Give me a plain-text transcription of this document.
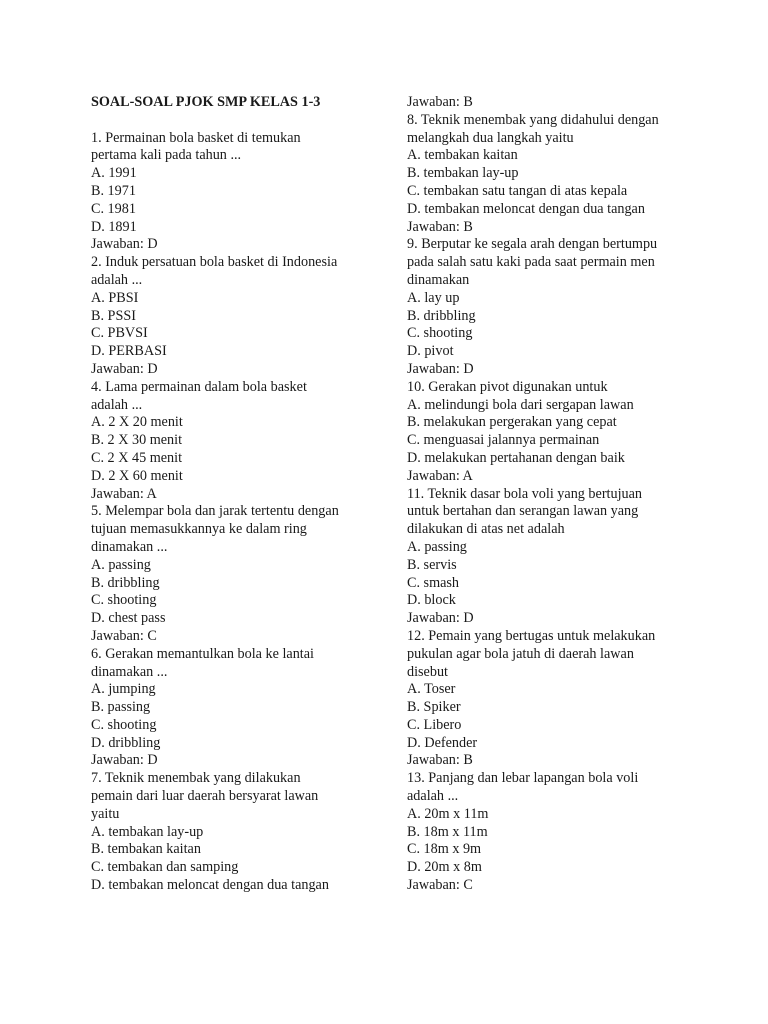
SOAL-SOAL PJOK SMP KELAS 1-3
1. Permainan bola basket di temukan
pertama kali pada tahun ...
A. 1991
B. 1971
C. 1981
D. 1891
Jawaban: D
2. Induk persatuan bola basket di Indonesia
adalah ...
A. PBSI
B. PSSI
C. PBVSI
D. PERBASI
Jawaban: D
4. Lama permainan dalam bola basket
adalah ...
A. 2 X 20 menit
B. 2 X 30 menit
C. 2 X 45 menit
D. 2 X 60 menit
Jawaban: A
5. Melempar bola dan jarak tertentu dengan
tujuan memasukkannya ke dalam ring
dinamakan ...
A. passing
B. dribbling
C. shooting
D. chest pass
Jawaban: C
6. Gerakan memantulkan bola ke lantai
dinamakan ...
A. jumping
B. passing
C. shooting
D. dribbling
Jawaban: D
7. Teknik menembak yang dilakukan
pemain dari luar daerah bersyarat lawan
yaitu
A. tembakan lay-up
B. tembakan kaitan
C. tembakan dan samping
D. tembakan meloncat dengan dua tangan
Jawaban: B
8. Teknik menembak yang didahului dengan
melangkah dua langkah yaitu
A. tembakan kaitan
B. tembakan lay-up
C. tembakan satu tangan di atas kepala
D. tembakan meloncat dengan dua tangan
Jawaban: B
9. Berputar ke segala arah dengan bertumpu
pada salah satu kaki pada saat permain men
dinamakan
A. lay up
B. dribbling
C. shooting
D. pivot
Jawaban: D
10. Gerakan pivot digunakan untuk
A. melindungi bola dari sergapan lawan
B. melakukan pergerakan yang cepat
C. menguasai jalannya permainan
D. melakukan pertahanan dengan baik
Jawaban: A
11. Teknik dasar bola voli yang bertujuan
untuk bertahan dan serangan lawan yang
dilakukan di atas net adalah
A. passing
B. servis
C. smash
D. block
Jawaban: D
12. Pemain yang bertugas untuk melakukan
pukulan agar bola jatuh di daerah lawan
disebut
A. Toser
B. Spiker
C. Libero
D. Defender
Jawaban: B
13. Panjang dan lebar lapangan bola voli
adalah ...
A. 20m x 11m
B. 18m x 11m
C. 18m x 9m
D. 20m x 8m
Jawaban: C
